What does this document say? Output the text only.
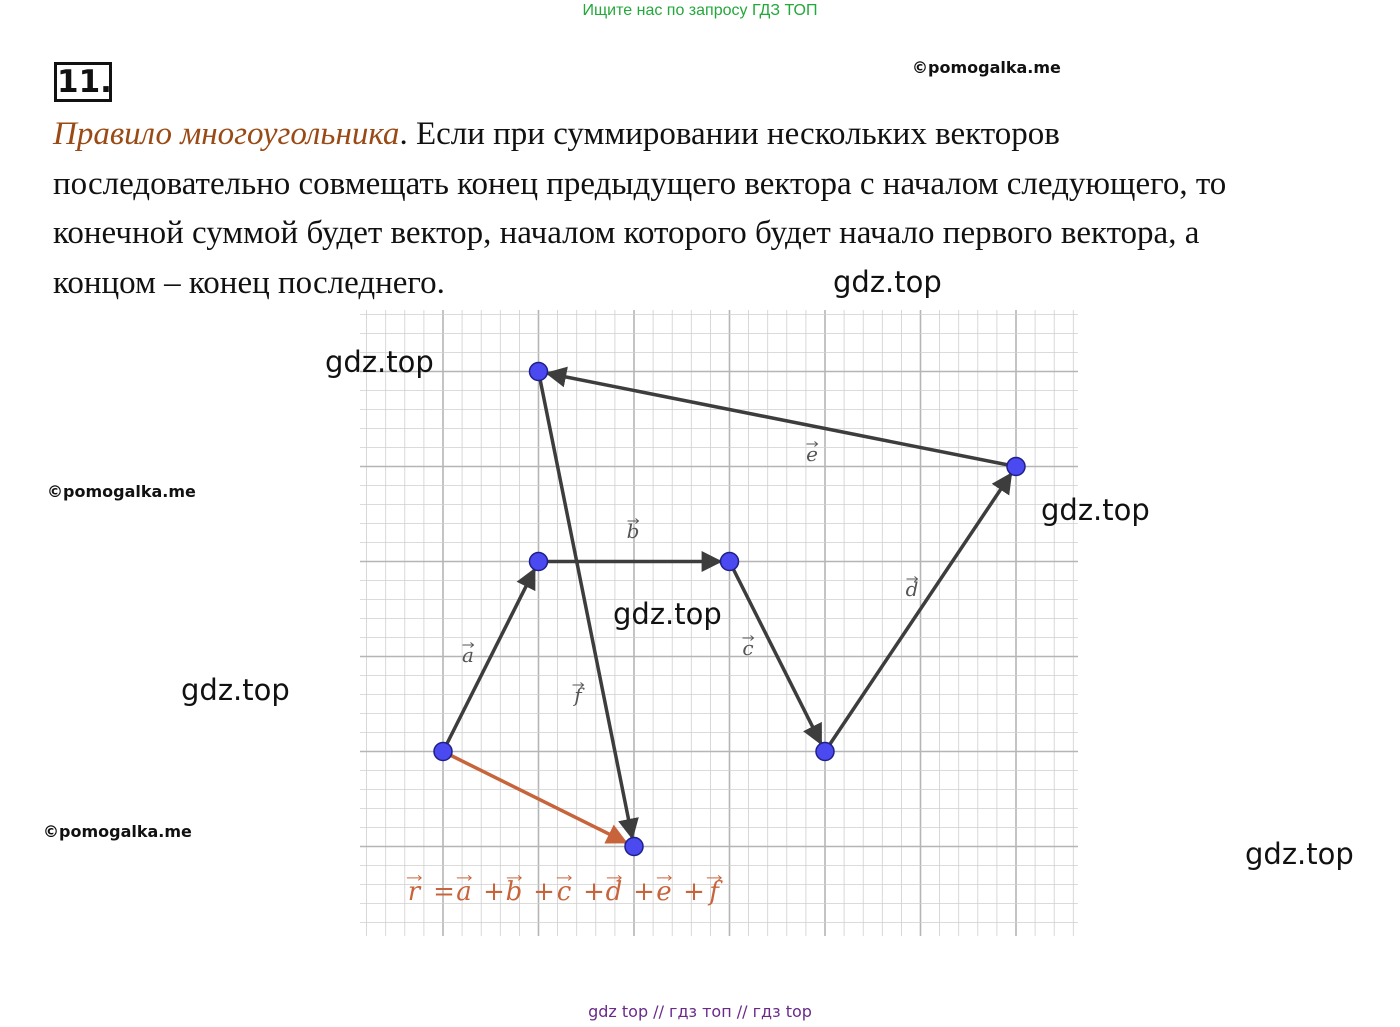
Ищите нас по запросу ГДЗ ТОП
11.	©pomogalka.me
©pomogalka.me
©pomogalka.me
Правило многоугольника. Если при суммировании нескольких векторов
последовательно совмещать конец предыдущего вектора с началом следующего, то
конечной суммой будет вектор, началом которого будет начало первого вектора, а
концом – конец последнего.
a
b
c
d
e
f
r = a + b + c + d + e + f
gdz.top
gdz.top
gdz.top
gdz.top
gdz.top
gdz.top
gdz top // гдз топ // гдз top
